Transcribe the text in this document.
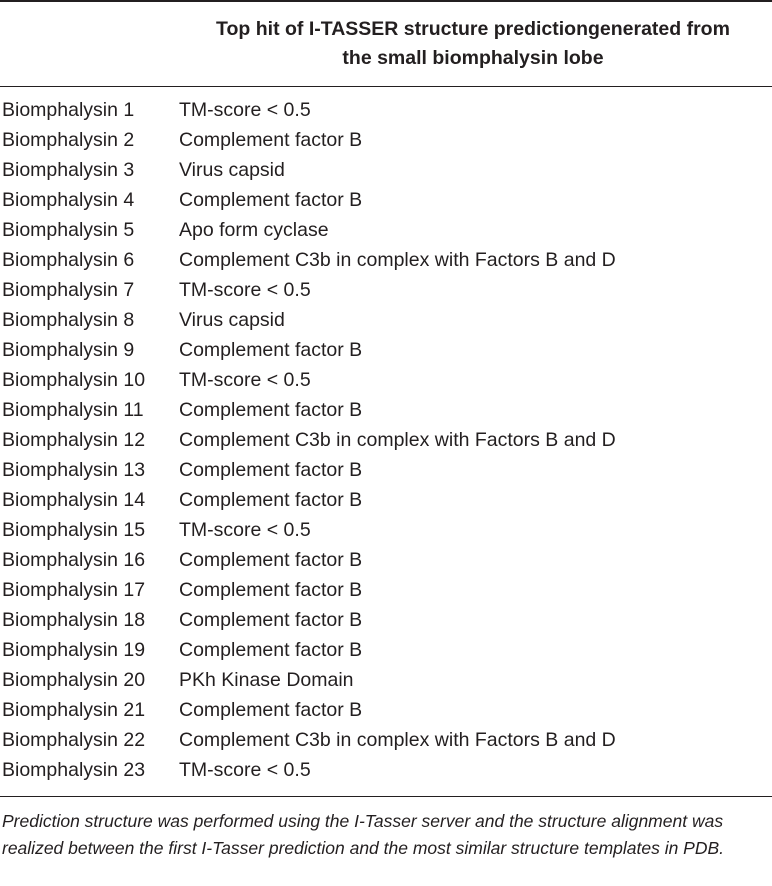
Top hit of I-TASSER structure predictiongenerated from
the small biomphalysin lobe
Biomphalysin 1 TM-score < 0.5
Biomphalysin 2 Complement factor B
Biomphalysin 3 Virus capsid
Biomphalysin 4 Complement factor B
Biomphalysin 5 Apo form cyclase
Biomphalysin 6 Complement C3b in complex with Factors B and D
Biomphalysin 7 TM-score < 0.5
Biomphalysin 8 Virus capsid
Biomphalysin 9 Complement factor B
Biomphalysin 10 TM-score < 0.5
Biomphalysin 11 Complement factor B
Biomphalysin 12 Complement C3b in complex with Factors B and D
Biomphalysin 13 Complement factor B
Biomphalysin 14 Complement factor B
Biomphalysin 15 TM-score < 0.5
Biomphalysin 16 Complement factor B
Biomphalysin 17 Complement factor B
Biomphalysin 18 Complement factor B
Biomphalysin 19 Complement factor B
Biomphalysin 20 PKh Kinase Domain
Biomphalysin 21 Complement factor B
Biomphalysin 22 Complement C3b in complex with Factors B and D
Biomphalysin 23 TM-score < 0.5
Prediction structure was performed using the I-Tasser server and the structure alignment was realized between the first I-Tasser prediction and the most similar structure templates in PDB.
